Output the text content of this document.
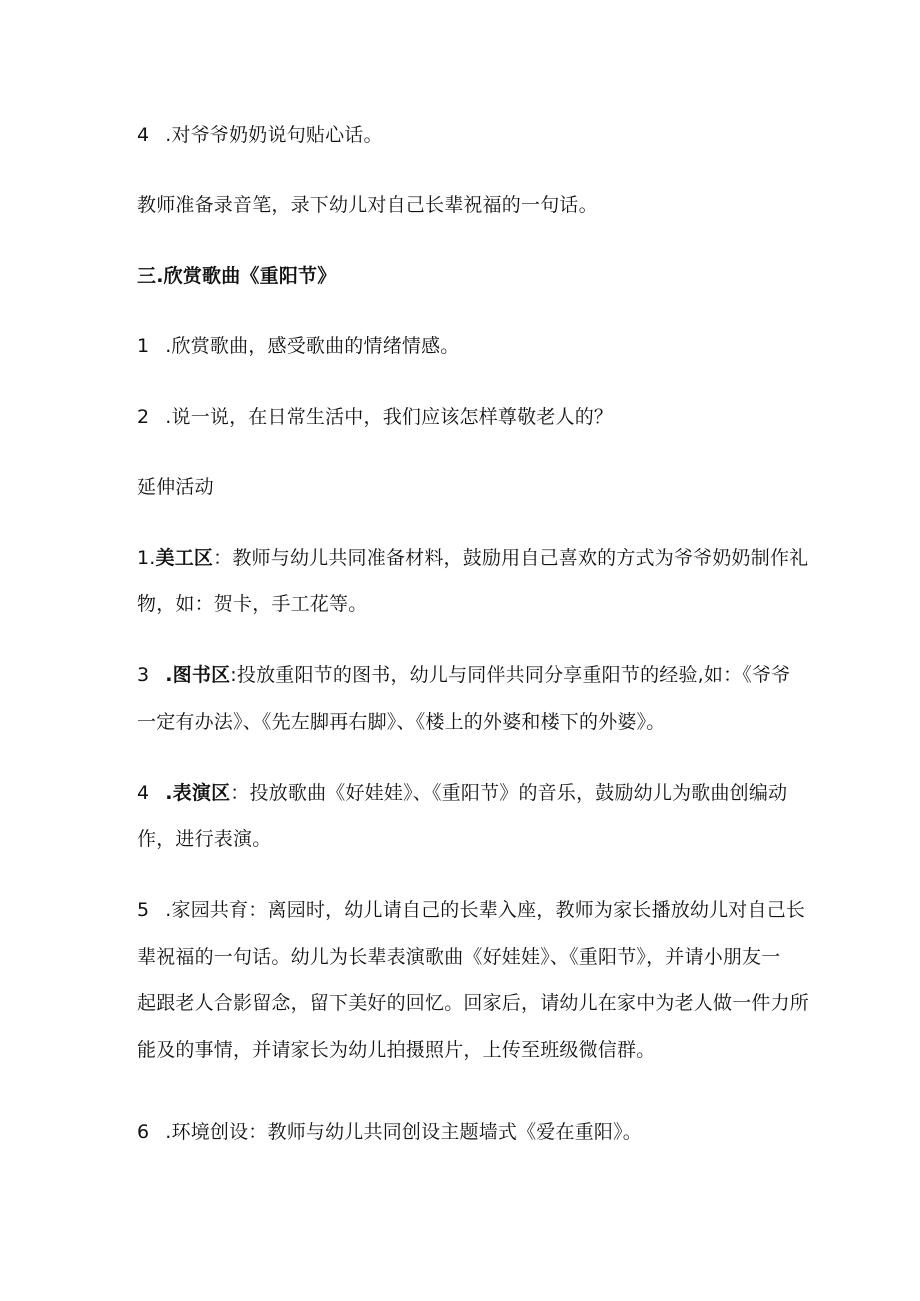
4 .对爷爷奶奶说句贴心话。
教师准备录音笔，录下幼儿对自己长辈祝福的一句话。
三.欣赏歌曲《重阳节》
1 .欣赏歌曲，感受歌曲的情绪情感。
2 .说一说，在日常生活中，我们应该怎样尊敬老人的？
延伸活动
1.美工区：教师与幼儿共同准备材料，鼓励用自己喜欢的方式为爷爷奶奶制作礼
物，如：贺卡，手工花等。
3 .图书区:投放重阳节的图书，幼儿与同伴共同分享重阳节的经验,如：《爷爷
一定有办法》、《先左脚再右脚》、《楼上的外婆和楼下的外婆》。
4 .表演区：投放歌曲《好娃娃》、《重阳节》的音乐，鼓励幼儿为歌曲创编动
作，进行表演。
5 .家园共育：离园时，幼儿请自己的长辈入座，教师为家长播放幼儿对自己长
辈祝福的一句话。幼儿为长辈表演歌曲《好娃娃》、《重阳节》，并请小朋友一
起跟老人合影留念，留下美好的回忆。回家后，请幼儿在家中为老人做一件力所
能及的事情，并请家长为幼儿拍摄照片，上传至班级微信群。
6 .环境创设：教师与幼儿共同创设主题墙式《爱在重阳》。
